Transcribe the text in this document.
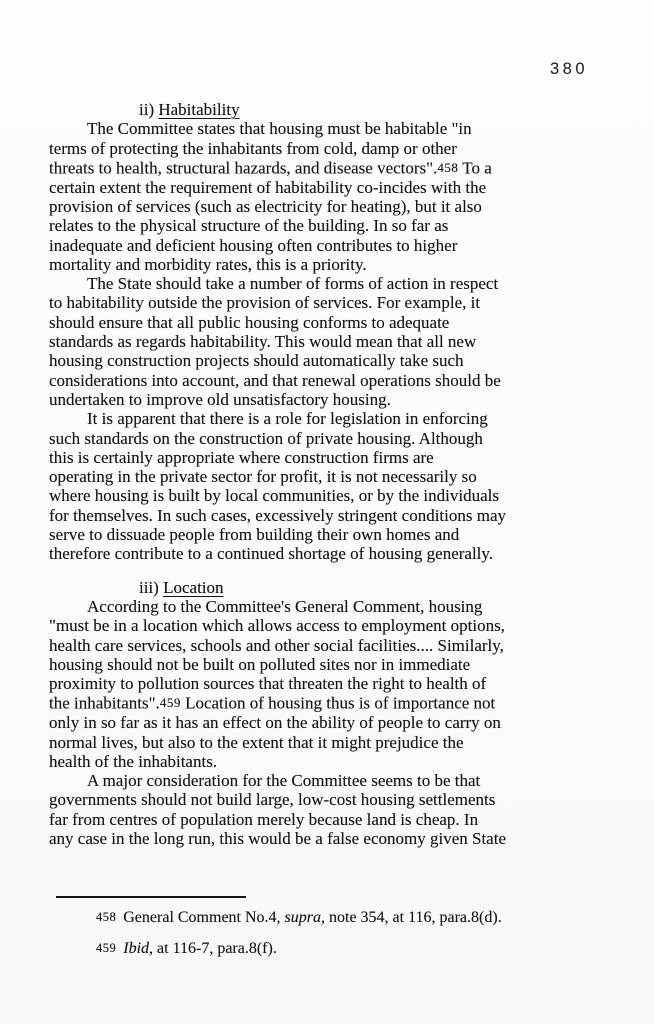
380
ii) Habitability
The Committee states that housing must be habitable "in
terms of protecting the inhabitants from cold, damp or other
threats to health, structural hazards, and disease vectors".458 To a
certain extent the requirement of habitability co-incides with the
provision of services (such as electricity for heating), but it also
relates to the physical structure of the building. In so far as
inadequate and deficient housing often contributes to higher
mortality and morbidity rates, this is a priority.
The State should take a number of forms of action in respect
to habitability outside the provision of services. For example, it
should ensure that all public housing conforms to adequate
standards as regards habitability. This would mean that all new
housing construction projects should automatically take such
considerations into account, and that renewal operations should be
undertaken to improve old unsatisfactory housing.
It is apparent that there is a role for legislation in enforcing
such standards on the construction of private housing. Although
this is certainly appropriate where construction firms are
operating in the private sector for profit, it is not necessarily so
where housing is built by local communities, or by the individuals
for themselves. In such cases, excessively stringent conditions may
serve to dissuade people from building their own homes and
therefore contribute to a continued shortage of housing generally.
iii) Location
According to the Committee's General Comment, housing
"must be in a location which allows access to employment options,
health care services, schools and other social facilities.... Similarly,
housing should not be built on polluted sites nor in immediate
proximity to pollution sources that threaten the right to health of
the inhabitants".459 Location of housing thus is of importance not
only in so far as it has an effect on the ability of people to carry on
normal lives, but also to the extent that it might prejudice the
health of the inhabitants.
A major consideration for the Committee seems to be that
governments should not build large, low-cost housing settlements
far from centres of population merely because land is cheap. In
any case in the long run, this would be a false economy given State
458 General Comment No.4, supra, note 354, at 116, para.8(d).
459 Ibid, at 116-7, para.8(f).
